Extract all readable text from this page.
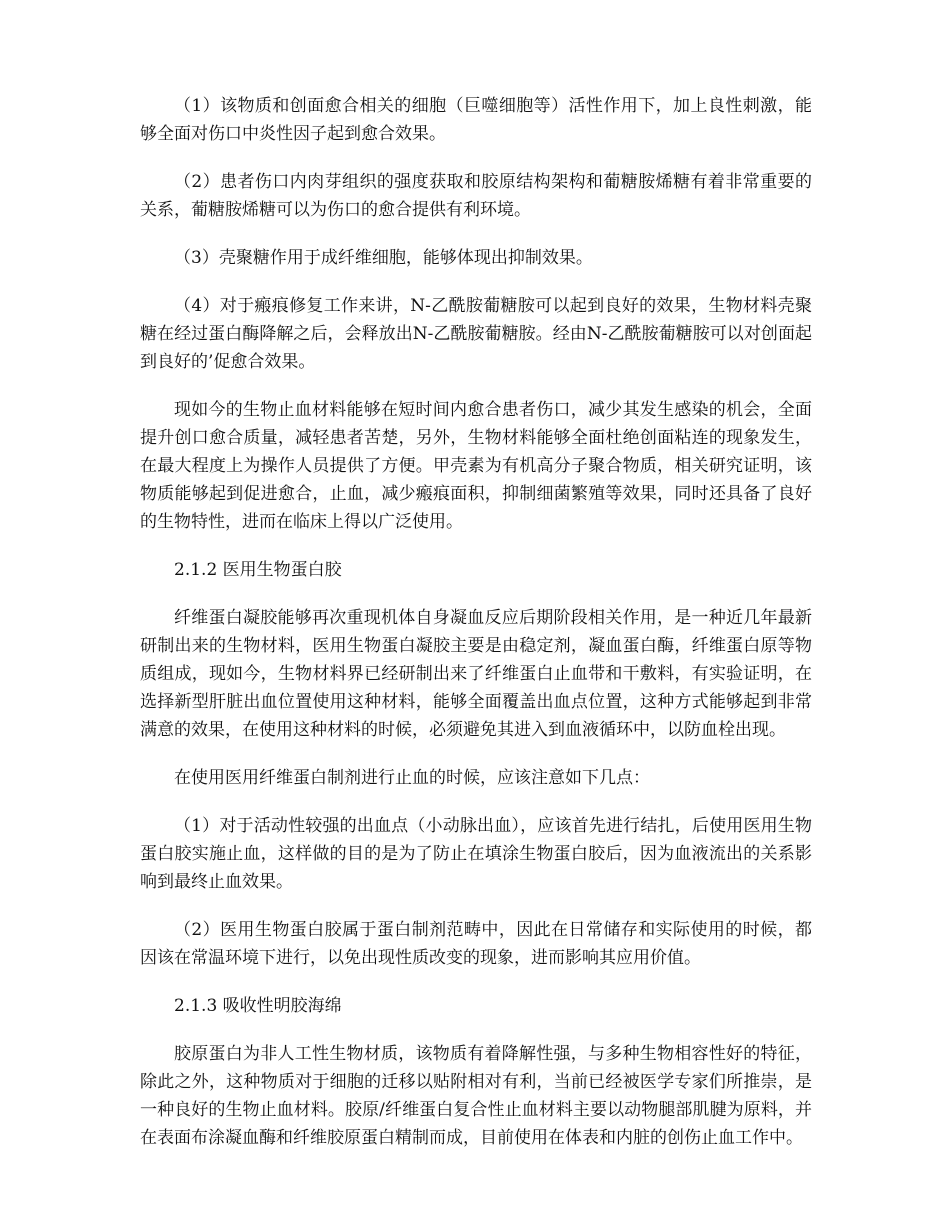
（1）该物质和创面愈合相关的细胞（巨噬细胞等）活性作用下，加上良性刺激，能够全面对伤口中炎性因子起到愈合效果。

（2）患者伤口内肉芽组织的强度获取和胶原结构架构和葡糖胺烯糖有着非常重要的关系，葡糖胺烯糖可以为伤口的愈合提供有利环境。

（3）壳聚糖作用于成纤维细胞，能够体现出抑制效果。

（4）对于瘢痕修复工作来讲，N-乙酰胺葡糖胺可以起到良好的效果，生物材料壳聚糖在经过蛋白酶降解之后，会释放出N-乙酰胺葡糖胺。经由N-乙酰胺葡糖胺可以对创面起到良好的’促愈合效果。

现如今的生物止血材料能够在短时间内愈合患者伤口，减少其发生感染的机会，全面提升创口愈合质量，减轻患者苦楚，另外，生物材料能够全面杜绝创面粘连的现象发生，在最大程度上为操作人员提供了方便。甲壳素为有机高分子聚合物质，相关研究证明，该物质能够起到促进愈合，止血，减少瘢痕面积，抑制细菌繁殖等效果，同时还具备了良好的生物特性，进而在临床上得以广泛使用。

2.1.2 医用生物蛋白胶

纤维蛋白凝胶能够再次重现机体自身凝血反应后期阶段相关作用，是一种近几年最新研制出来的生物材料，医用生物蛋白凝胶主要是由稳定剂，凝血蛋白酶，纤维蛋白原等物质组成，现如今，生物材料界已经研制出来了纤维蛋白止血带和干敷料，有实验证明，在选择新型肝脏出血位置使用这种材料，能够全面覆盖出血点位置，这种方式能够起到非常满意的效果，在使用这种材料的时候，必须避免其进入到血液循环中，以防血栓出现。

在使用医用纤维蛋白制剂进行止血的时候，应该注意如下几点：

（1）对于活动性较强的出血点（小动脉出血），应该首先进行结扎，后使用医用生物蛋白胶实施止血，这样做的目的是为了防止在填涂生物蛋白胶后，因为血液流出的关系影响到最终止血效果。

（2）医用生物蛋白胶属于蛋白制剂范畴中，因此在日常储存和实际使用的时候，都因该在常温环境下进行，以免出现性质改变的现象，进而影响其应用价值。

2.1.3 吸收性明胶海绵

胶原蛋白为非人工性生物材质，该物质有着降解性强，与多种生物相容性好的特征，除此之外，这种物质对于细胞的迁移以贴附相对有利，当前已经被医学专家们所推崇，是一种良好的生物止血材料。胶原/纤维蛋白复合性止血材料主要以动物腿部肌腱为原料，并在表面布涂凝血酶和纤维胶原蛋白精制而成，目前使用在体表和内脏的创伤止血工作中。
